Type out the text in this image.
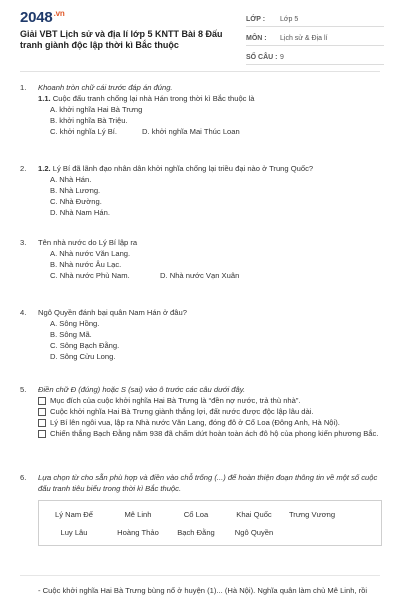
$2048^{.vn}$
Giải VBT Lịch sử và địa lí lớp 5 KNTT Bài 8 Đấu tranh giành độc lập thời kì Bắc thuộc
LỚP :	Lớp 5
MÔN :	Lịch sử & Địa lí
SỐ CÂU : 9
1.	Khoanh tròn chữ cái trước đáp án đúng.
1.1. Cuộc đấu tranh chống lại nhà Hán trong thời kì Bắc thuộc là
A. khởi nghĩa Hai Bà Trưng
B. khởi nghĩa Bà Triệu.
C. khởi nghĩa Lý Bí.	D. khởi nghĩa Mai Thúc Loan
2.	1.2. Lý Bí đã lãnh đạo nhân dân khởi nghĩa chống lại triều đại nào ở Trung Quốc?
A. Nhà Hán.
B. Nhà Lương.
C. Nhà Đường.
D. Nhà Nam Hán.
3.	Tên nhà nước do Lý Bí lập ra
A. Nhà nước Văn Lang.
B. Nhà nước Âu Lạc.
C. Nhà nước Phù Nam.	D. Nhà nước Vạn Xuân
4.	Ngô Quyền đánh bại quân Nam Hán ở đâu?
A. Sông Hồng.
B. Sông Mã.
C. Sông Bạch Đằng.
D. Sông Cửu Long.
5.	Điền chữ Đ (đúng) hoặc S (sai) vào ô trước các câu dưới đây.
Mục đích của cuộc khởi nghĩa Hai Bà Trưng là “đền nợ nước, trả thù nhà”.
Cuộc khởi nghĩa Hai Bà Trưng giành thắng lợi, đất nước được độc lập lâu dài.
Lý Bí lên ngôi vua, lập ra Nhà nước Văn Lang, đóng đô ở Cổ Loa (Đông Anh, Hà Nội).
Chiến thắng Bạch Đằng năm 938 đã chấm dứt hoàn toàn ách đô hộ của phong kiến phương Bắc.
6.	Lựa chọn từ cho sẵn phù hợp và điền vào chỗ trống (...) để hoàn thiện đoạn thông tin về một số cuộc đấu tranh tiêu biểu trong thời kì Bắc thuộc.
Lý Nam Đế	Mê Linh	Cổ Loa	Khai Quốc	Trưng Vương
Luy Lâu	Hoàng Thảo	Bạch Đằng	Ngô Quyền
- Cuộc khởi nghĩa Hai Bà Trưng bùng nổ ở huyện (1)... (Hà Nội). Nghĩa quân làm chủ Mê Linh, rồi
